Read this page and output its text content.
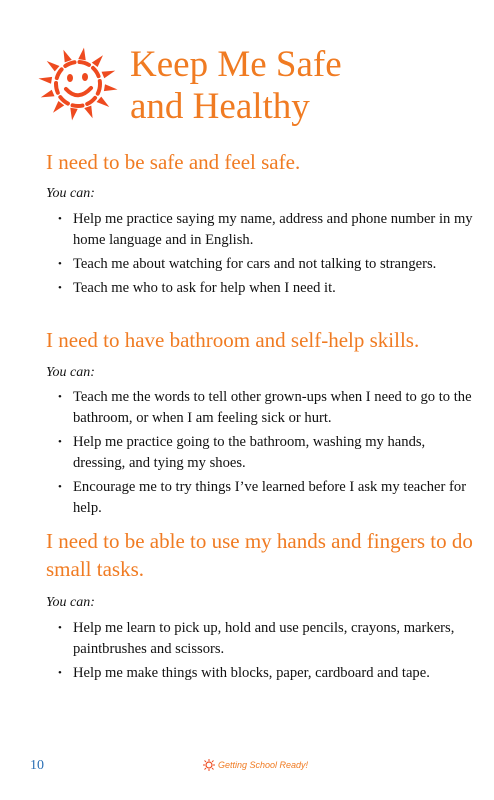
Keep Me Safe
and Healthy
I need to be safe and feel safe.
You can:
• Help me practice saying my name, address and phone number in my home language and in English.
• Teach me about watching for cars and not talking to strangers.
• Teach me who to ask for help when I need it.
I need to have bathroom and self-help skills.
You can:
• Teach me the words to tell other grown-ups when I need to go to the bathroom, or when I am feeling sick or hurt.
• Help me practice going to the bathroom, washing my hands, dressing, and tying my shoes.
• Encourage me to try things I’ve learned before I ask my teacher for help.
I need to be able to use my hands and fingers to do small tasks.
You can:
• Help me learn to pick up, hold and use pencils, crayons, markers, paintbrushes and scissors.
• Help me make things with blocks, paper, cardboard and tape.
10	Getting School Ready!
